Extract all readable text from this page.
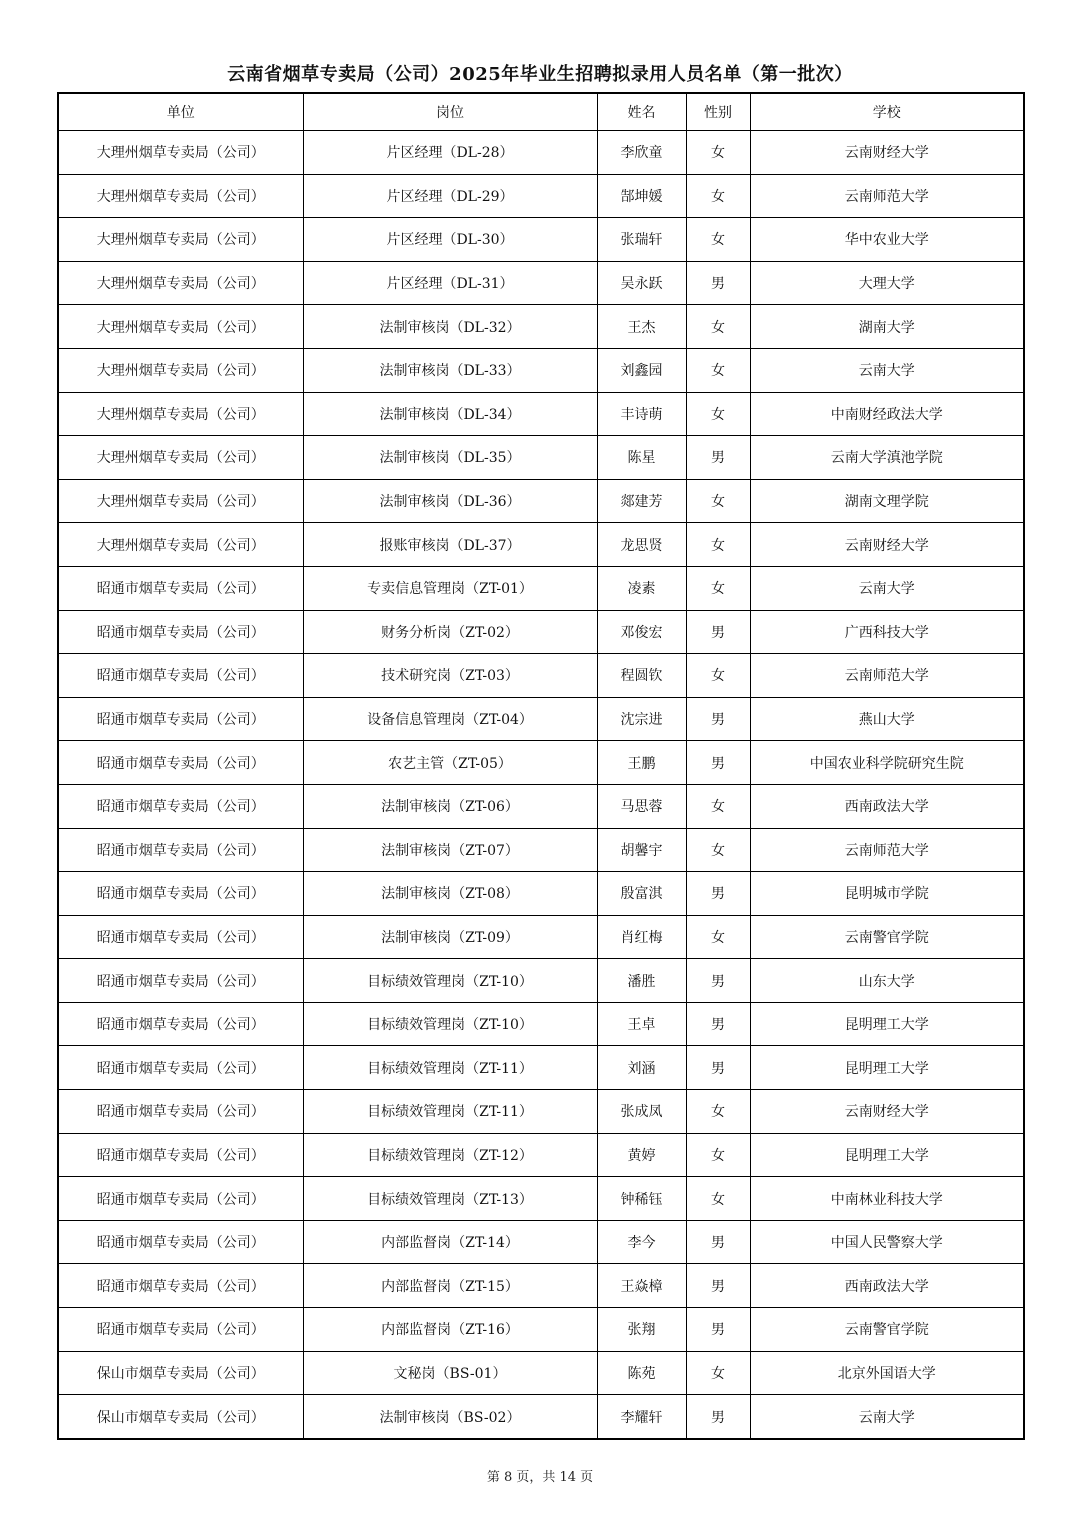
云南省烟草专卖局（公司）2025年毕业生招聘拟录用人员名单（第一批次）
单位	岗位	姓名	性别	学校
大理州烟草专卖局（公司）	片区经理（DL-28）	李欣童	女	云南财经大学
大理州烟草专卖局（公司）	片区经理（DL-29）	郜坤媛	女	云南师范大学
大理州烟草专卖局（公司）	片区经理（DL-30）	张瑞轩	女	华中农业大学
大理州烟草专卖局（公司）	片区经理（DL-31）	吴永跃	男	大理大学
大理州烟草专卖局（公司）	法制审核岗（DL-32）	王杰	女	湖南大学
大理州烟草专卖局（公司）	法制审核岗（DL-33）	刘鑫园	女	云南大学
大理州烟草专卖局（公司）	法制审核岗（DL-34）	丰诗萌	女	中南财经政法大学
大理州烟草专卖局（公司）	法制审核岗（DL-35）	陈星	男	云南大学滇池学院
大理州烟草专卖局（公司）	法制审核岗（DL-36）	郯建芳	女	湖南文理学院
大理州烟草专卖局（公司）	报账审核岗（DL-37）	龙思贤	女	云南财经大学
昭通市烟草专卖局（公司）	专卖信息管理岗（ZT-01）	凌素	女	云南大学
昭通市烟草专卖局（公司）	财务分析岗（ZT-02）	邓俊宏	男	广西科技大学
昭通市烟草专卖局（公司）	技术研究岗（ZT-03）	程圆钦	女	云南师范大学
昭通市烟草专卖局（公司）	设备信息管理岗（ZT-04）	沈宗进	男	燕山大学
昭通市烟草专卖局（公司）	农艺主管（ZT-05）	王鹏	男	中国农业科学院研究生院
昭通市烟草专卖局（公司）	法制审核岗（ZT-06）	马思蓉	女	西南政法大学
昭通市烟草专卖局（公司）	法制审核岗（ZT-07）	胡馨宇	女	云南师范大学
昭通市烟草专卖局（公司）	法制审核岗（ZT-08）	殷富淇	男	昆明城市学院
昭通市烟草专卖局（公司）	法制审核岗（ZT-09）	肖红梅	女	云南警官学院
昭通市烟草专卖局（公司）	目标绩效管理岗（ZT-10）	潘胜	男	山东大学
昭通市烟草专卖局（公司）	目标绩效管理岗（ZT-10）	王卓	男	昆明理工大学
昭通市烟草专卖局（公司）	目标绩效管理岗（ZT-11）	刘涵	男	昆明理工大学
昭通市烟草专卖局（公司）	目标绩效管理岗（ZT-11）	张成凤	女	云南财经大学
昭通市烟草专卖局（公司）	目标绩效管理岗（ZT-12）	黄婷	女	昆明理工大学
昭通市烟草专卖局（公司）	目标绩效管理岗（ZT-13）	钟稀钰	女	中南林业科技大学
昭通市烟草专卖局（公司）	内部监督岗（ZT-14）	李今	男	中国人民警察大学
昭通市烟草专卖局（公司）	内部监督岗（ZT-15）	王焱樟	男	西南政法大学
昭通市烟草专卖局（公司）	内部监督岗（ZT-16）	张翔	男	云南警官学院
保山市烟草专卖局（公司）	文秘岗（BS-01）	陈苑	女	北京外国语大学
保山市烟草专卖局（公司）	法制审核岗（BS-02）	李耀轩	男	云南大学
第 8 页，共 14 页
